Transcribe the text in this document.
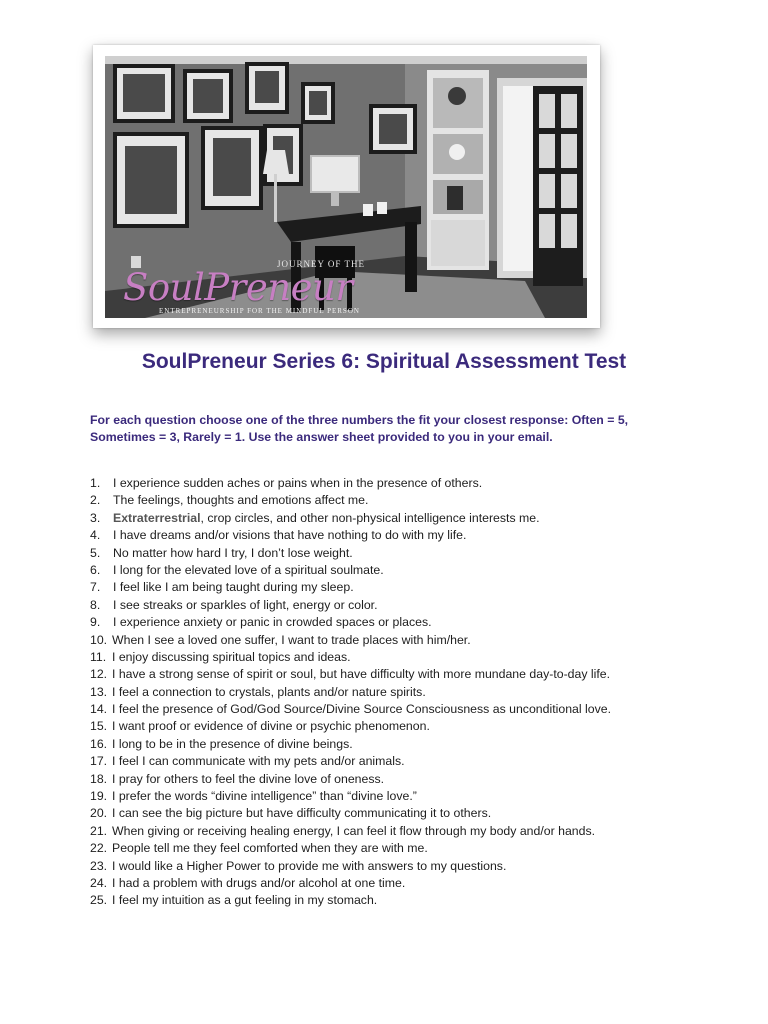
JOURNEY OF THE
SoulPreneur
ENTREPRENEURSHIP FOR THE MINDFUL PERSON
SoulPreneur Series 6: Spiritual Assessment Test

For each question choose one of the three numbers the fit your closest response: Often = 5, Sometimes = 3, Rarely = 1. Use the answer sheet provided to you in your email.

1. I experience sudden aches or pains when in the presence of others.
2. The feelings, thoughts and emotions affect me.
3. Extraterrestrial, crop circles, and other non-physical intelligence interests me.
4. I have dreams and/or visions that have nothing to do with my life.
5. No matter how hard I try, I don’t lose weight.
6. I long for the elevated love of a spiritual soulmate.
7. I feel like I am being taught during my sleep.
8. I see streaks or sparkles of light, energy or color.
9. I experience anxiety or panic in crowded spaces or places.
10. When I see a loved one suffer, I want to trade places with him/her.
11. I enjoy discussing spiritual topics and ideas.
12. I have a strong sense of spirit or soul, but have difficulty with more mundane day-to-day life.
13. I feel a connection to crystals, plants and/or nature spirits.
14. I feel the presence of God/God Source/Divine Source Consciousness as unconditional love.
15. I want proof or evidence of divine or psychic phenomenon.
16. I long to be in the presence of divine beings.
17. I feel I can communicate with my pets and/or animals.
18. I pray for others to feel the divine love of oneness.
19. I prefer the words “divine intelligence” than “divine love.”
20. I can see the big picture but have difficulty communicating it to others.
21. When giving or receiving healing energy, I can feel it flow through my body and/or hands.
22. People tell me they feel comforted when they are with me.
23. I would like a Higher Power to provide me with answers to my questions.
24. I had a problem with drugs and/or alcohol at one time.
25. I feel my intuition as a gut feeling in my stomach.
